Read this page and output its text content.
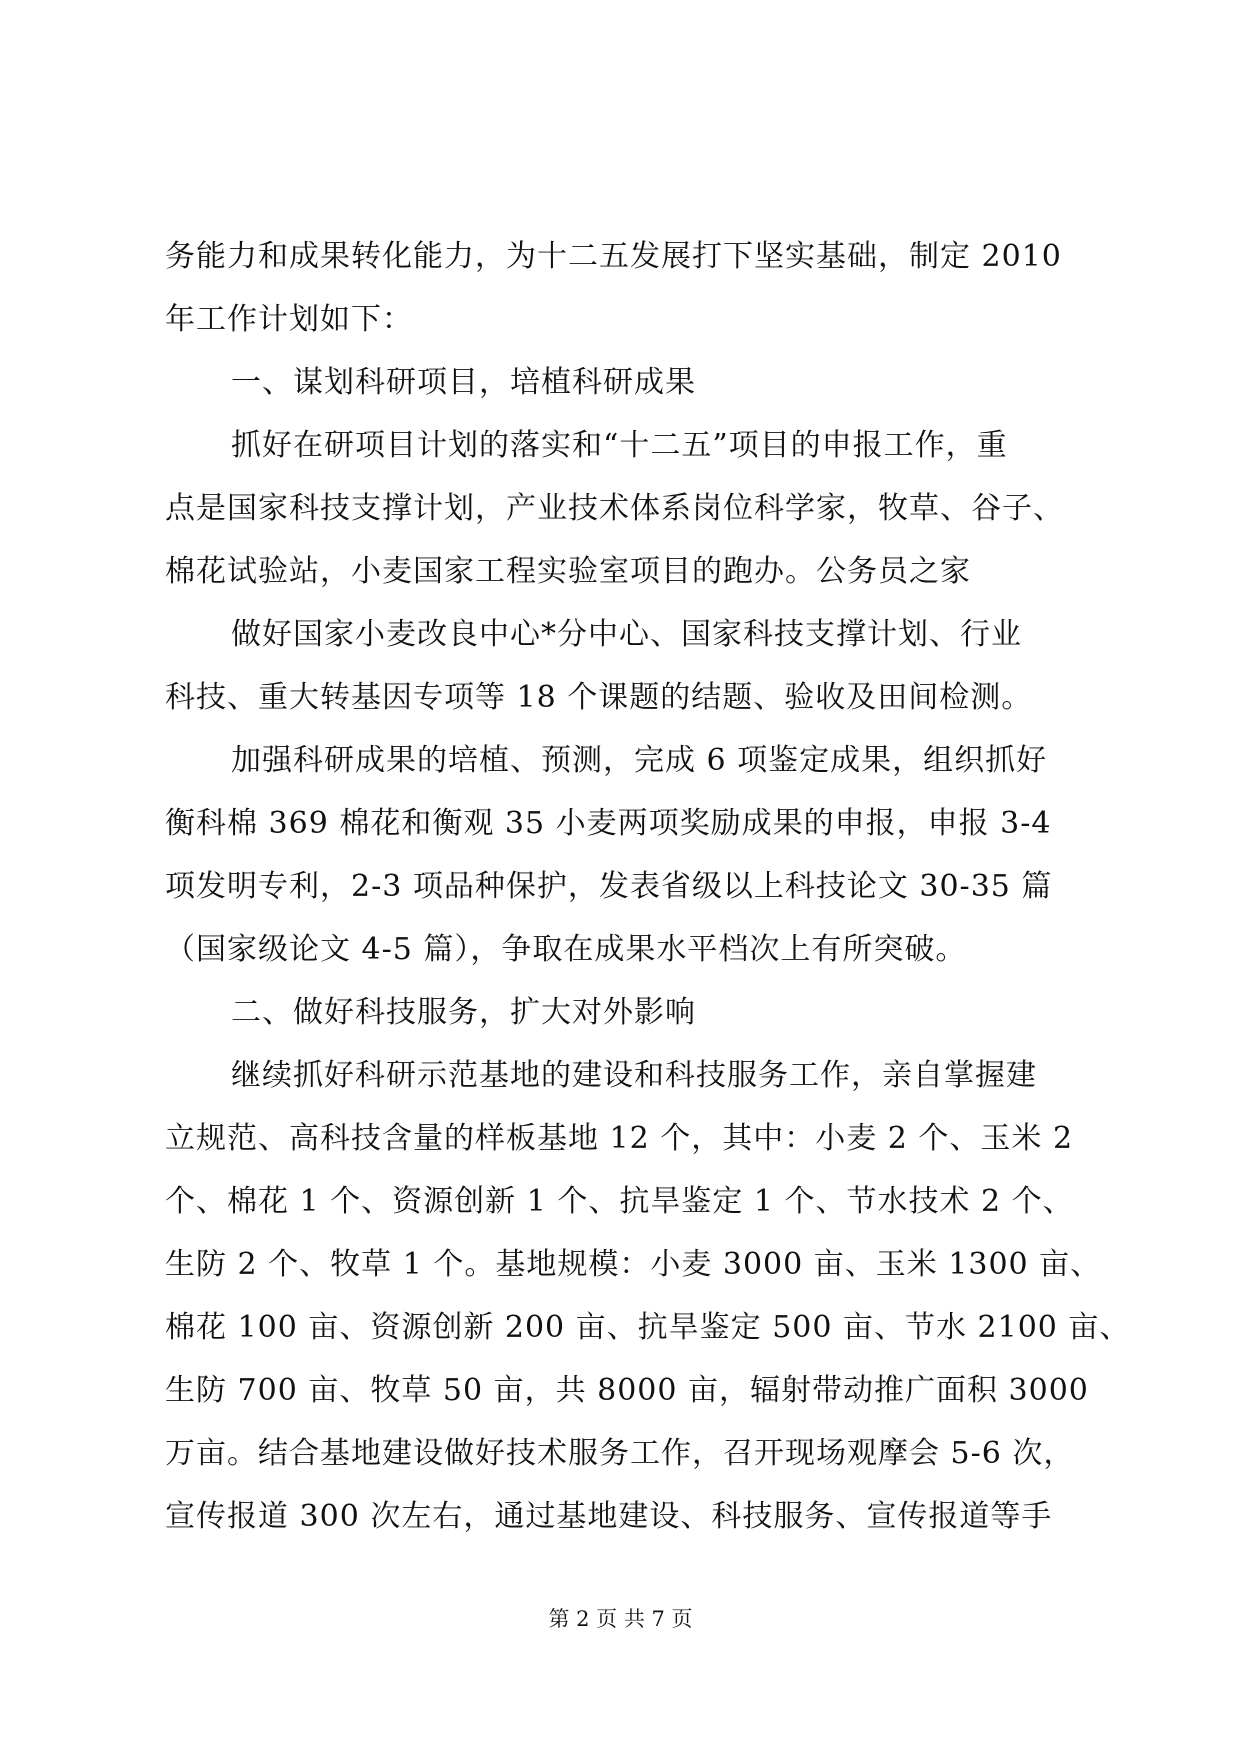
务能力和成果转化能力，为十二五发展打下坚实基础，制定 2010
年工作计划如下：
一、谋划科研项目，培植科研成果
抓好在研项目计划的落实和“十二五”项目的申报工作，重
点是国家科技支撑计划，产业技术体系岗位科学家，牧草、谷子、
棉花试验站，小麦国家工程实验室项目的跑办。公务员之家
做好国家小麦改良中心*分中心、国家科技支撑计划、行业
科技、重大转基因专项等 18 个课题的结题、验收及田间检测。
加强科研成果的培植、预测，完成 6 项鉴定成果，组织抓好
衡科棉 369 棉花和衡观 35 小麦两项奖励成果的申报，申报 3-4
项发明专利，2-3 项品种保护，发表省级以上科技论文 30-35 篇
（国家级论文 4-5 篇），争取在成果水平档次上有所突破。
二、做好科技服务，扩大对外影响
继续抓好科研示范基地的建设和科技服务工作，亲自掌握建
立规范、高科技含量的样板基地 12 个，其中：小麦 2 个、玉米 2
个、棉花 1 个、资源创新 1 个、抗旱鉴定 1 个、节水技术 2 个、
生防 2 个、牧草 1 个。基地规模：小麦 3000 亩、玉米 1300 亩、
棉花 100 亩、资源创新 200 亩、抗旱鉴定 500 亩、节水 2100 亩、
生防 700 亩、牧草 50 亩，共 8000 亩，辐射带动推广面积 3000
万亩。结合基地建设做好技术服务工作，召开现场观摩会 5-6 次，
宣传报道 300 次左右，通过基地建设、科技服务、宣传报道等手
第 2 页 共 7 页
